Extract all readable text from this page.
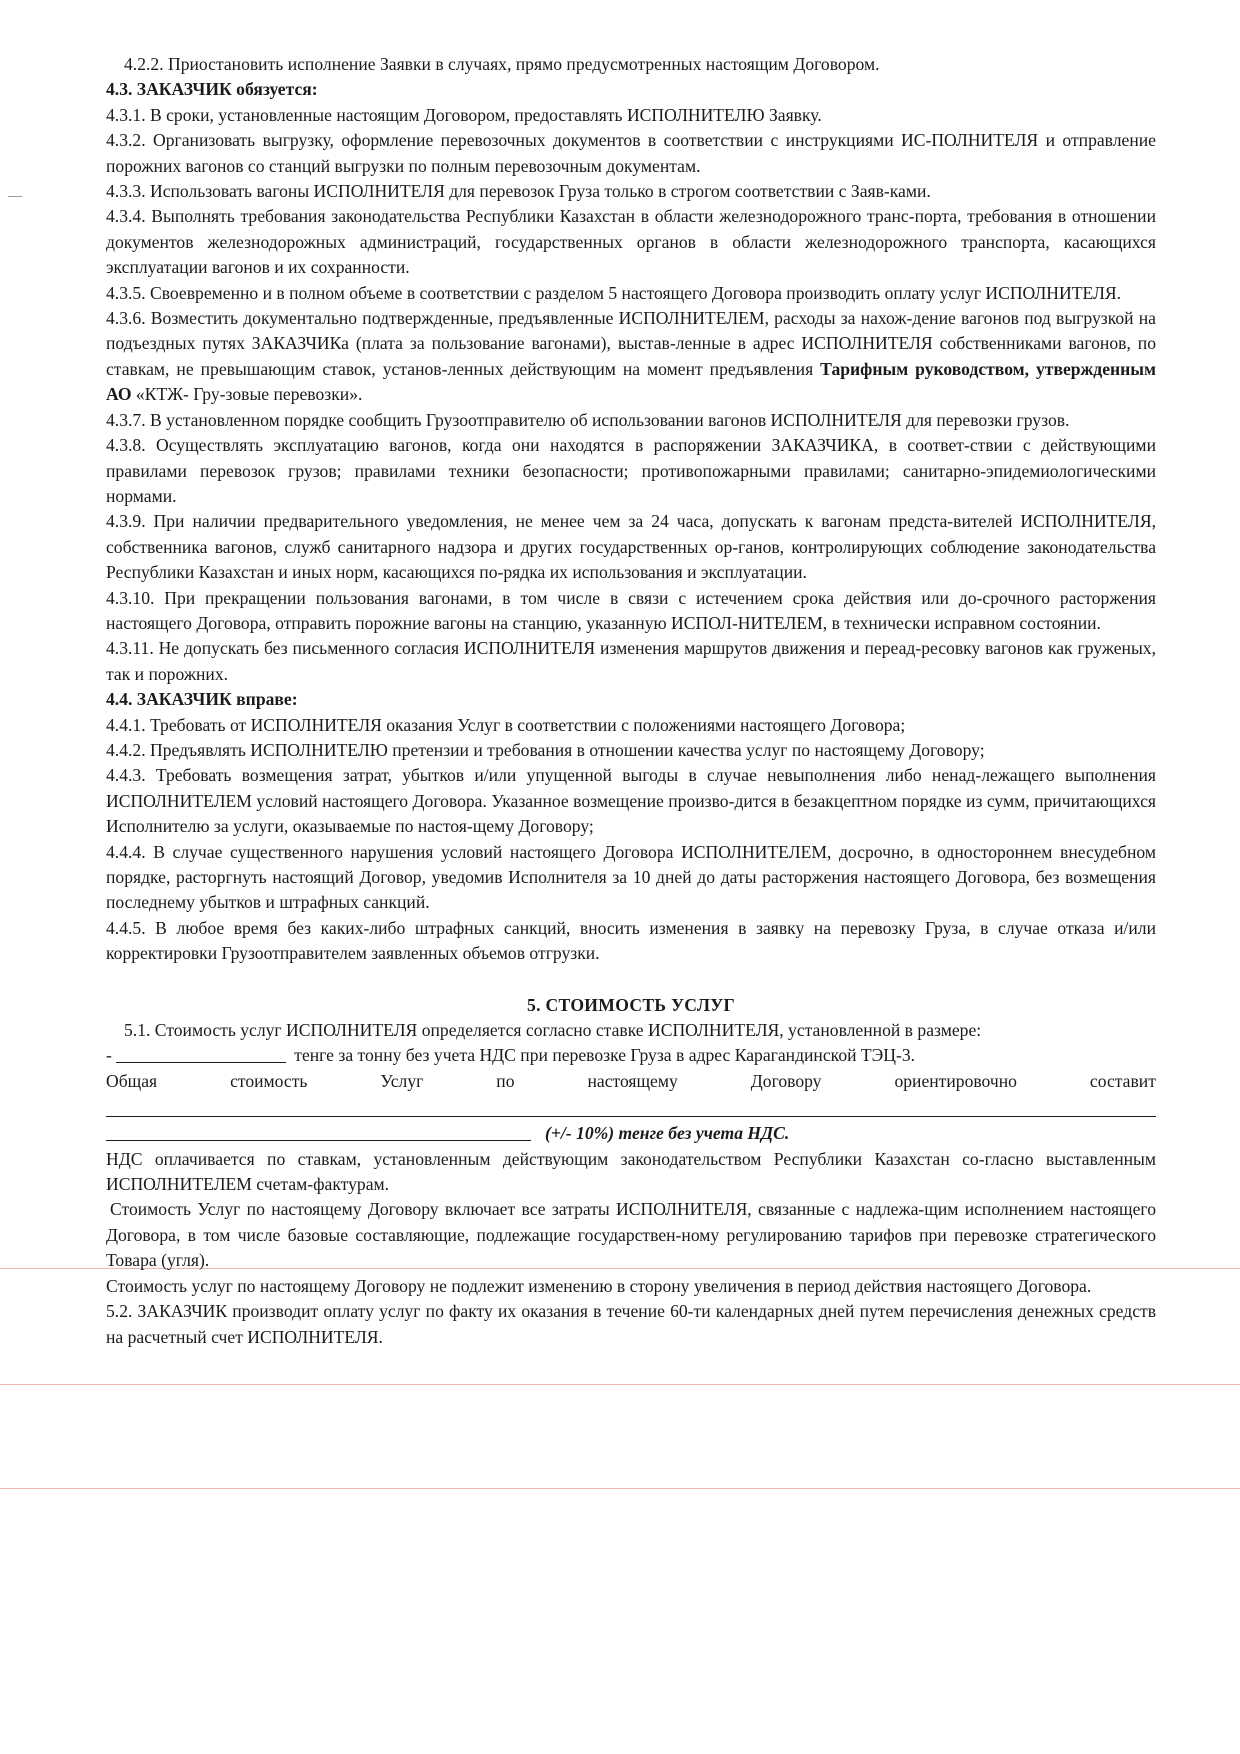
4.2.2. Приостановить исполнение Заявки в случаях, прямо предусмотренных настоящим Договором.

4.3. ЗАКАЗЧИК обязуется:

4.3.1. В сроки, установленные настоящим Договором, предоставлять ИСПОЛНИТЕЛЮ Заявку.

4.3.2. Организовать выгрузку, оформление перевозочных документов в соответствии с инструкциями ИС-ПОЛНИТЕЛЯ и отправление порожних вагонов со станций выгрузки по полным перевозочным документам.

4.3.3. Использовать вагоны ИСПОЛНИТЕЛЯ для перевозок Груза только в строгом соответствии с Заяв-ками.

4.3.4. Выполнять требования законодательства Республики Казахстан в области железнодорожного транс-порта, требования в отношении документов железнодорожных администраций, государственных органов в области железнодорожного транспорта, касающихся эксплуатации вагонов и их сохранности.

4.3.5. Своевременно и в полном объеме в соответствии с разделом 5 настоящего Договора производить оплату услуг ИСПОЛНИТЕЛЯ.

4.3.6. Возместить документально подтвержденные, предъявленные ИСПОЛНИТЕЛЕМ, расходы за нахож-дение вагонов под выгрузкой на подъездных путях ЗАКАЗЧИКа (плата за пользование вагонами), выстав-ленные в адрес ИСПОЛНИТЕЛЯ собственниками вагонов, по ставкам, не превышающим ставок, установ-ленных действующим на момент предъявления Тарифным руководством, утвержденным АО «КТЖ- Гру-зовые перевозки».

4.3.7. В установленном порядке сообщить Грузоотправителю об использовании вагонов ИСПОЛНИТЕЛЯ для перевозки грузов.

4.3.8. Осуществлять эксплуатацию вагонов, когда они находятся в распоряжении ЗАКАЗЧИКА, в соответ-ствии с действующими правилами перевозок грузов; правилами техники безопасности; противопожарными правилами; санитарно-эпидемиологическими нормами.

4.3.9. При наличии предварительного уведомления, не менее чем за 24 часа, допускать к вагонам предста-вителей ИСПОЛНИТЕЛЯ, собственника вагонов, служб санитарного надзора и других государственных ор-ганов, контролирующих соблюдение законодательства Республики Казахстан и иных норм, касающихся по-рядка их использования и эксплуатации.

4.3.10. При прекращении пользования вагонами, в том числе в связи с истечением срока действия или до-срочного расторжения настоящего Договора, отправить порожние вагоны на станцию, указанную ИСПОЛ-НИТЕЛЕМ, в технически исправном состоянии.

4.3.11. Не допускать без письменного согласия ИСПОЛНИТЕЛЯ изменения маршрутов движения и переад-ресовку вагонов как груженых, так и порожних.

4.4. ЗАКАЗЧИК вправе:

4.4.1. Требовать от ИСПОЛНИТЕЛЯ оказания Услуг в соответствии с положениями настоящего Договора;

4.4.2. Предъявлять ИСПОЛНИТЕЛЮ претензии и требования в отношении качества услуг по настоящему Договору;

4.4.3. Требовать возмещения затрат, убытков и/или упущенной выгоды в случае невыполнения либо ненад-лежащего выполнения ИСПОЛНИТЕЛЕМ условий настоящего Договора. Указанное возмещение произво-дится в безакцептном порядке из сумм, причитающихся Исполнителю за услуги, оказываемые по настоя-щему Договору;

4.4.4. В случае существенного нарушения условий настоящего Договора ИСПОЛНИТЕЛЕМ, досрочно, в одностороннем внесудебном порядке, расторгнуть настоящий Договор, уведомив Исполнителя за 10 дней до даты расторжения настоящего Договора, без возмещения последнему убытков и штрафных санкций.

4.4.5. В любое время без каких-либо штрафных санкций, вносить изменения в заявку на перевозку Груза, в случае отказа и/или корректировки Грузоотправителем заявленных объемов отгрузки.

5. СТОИМОСТЬ УСЛУГ

5.1. Стоимость услуг ИСПОЛНИТЕЛЯ определяется согласно ставке ИСПОЛНИТЕЛЯ, установленной в размере:

-	тенге за тонну без учета НДС при перевозке Груза в адрес Карагандинской ТЭЦ-3.

Общая	стоимость	Услуг	по	настоящему	Договору	ориентировочно	составит

(+/- 10%) тенге без учета НДС.

НДС оплачивается по ставкам, установленным действующим законодательством Республики Казахстан со-гласно выставленным ИСПОЛНИТЕЛЕМ счетам-фактурам.

Стоимость Услуг по настоящему Договору включает все затраты ИСПОЛНИТЕЛЯ, связанные с надлежа-щим исполнением настоящего Договора, в том числе базовые составляющие, подлежащие государствен-ному регулированию тарифов при перевозке стратегического Товара (угля).

Стоимость услуг по настоящему Договору не подлежит изменению в сторону увеличения в период действия настоящего Договора.

5.2. ЗАКАЗЧИК производит оплату услуг по факту их оказания в течение 60-ти календарных дней путем перечисления денежных средств на расчетный счет ИСПОЛНИТЕЛЯ.
